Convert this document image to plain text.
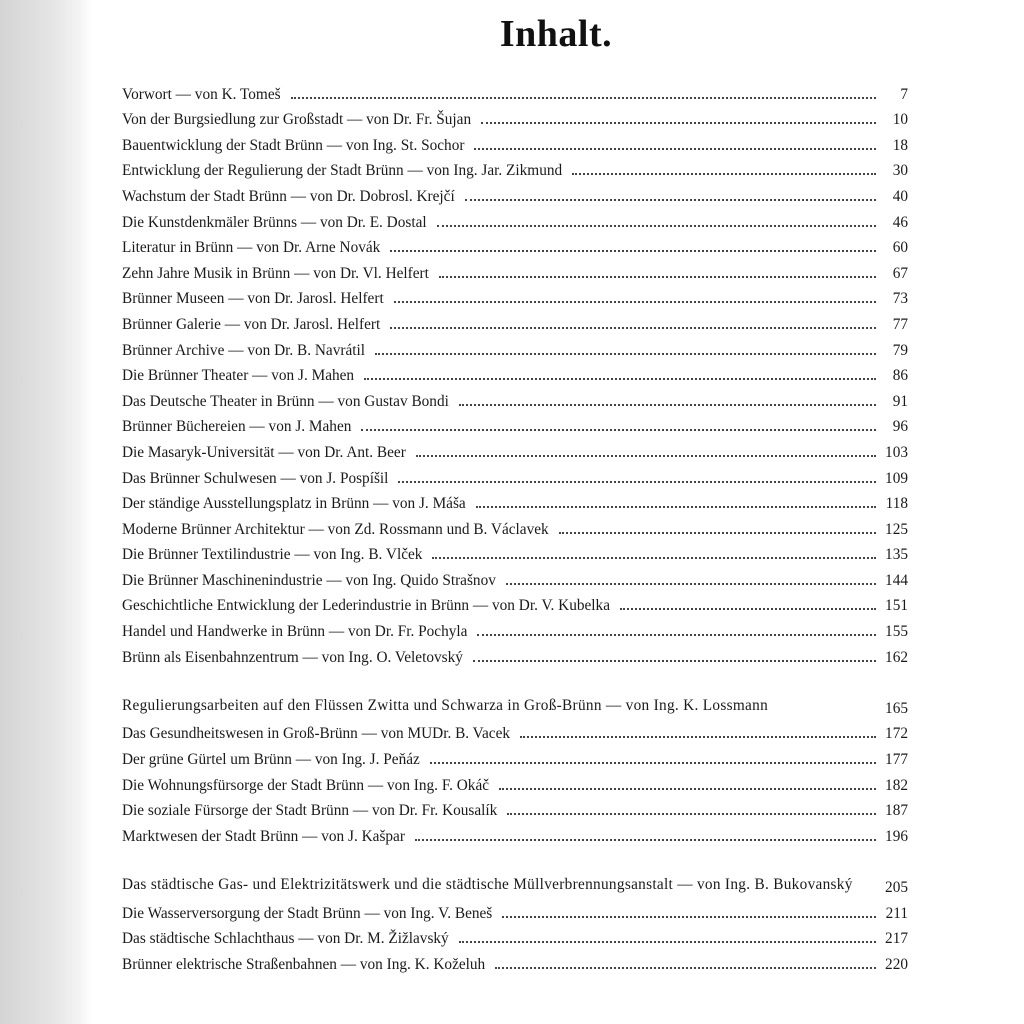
Inhalt.
Vorwort — von K. Tomeš	7
Von der Burgsiedlung zur Großstadt — von Dr. Fr. Šujan	10
Bauentwicklung der Stadt Brünn — von Ing. St. Sochor	18
Entwicklung der Regulierung der Stadt Brünn — von Ing. Jar. Zikmund	30
Wachstum der Stadt Brünn — von Dr. Dobrosl. Krejčí	40
Die Kunstdenkmäler Brünns — von Dr. E. Dostal	46
Literatur in Brünn — von Dr. Arne Novák	60
Zehn Jahre Musik in Brünn — von Dr. Vl. Helfert	67
Brünner Museen — von Dr. Jarosl. Helfert	73
Brünner Galerie — von Dr. Jarosl. Helfert	77
Brünner Archive — von Dr. B. Navrátil	79
Die Brünner Theater — von J. Mahen	86
Das Deutsche Theater in Brünn — von Gustav Bondi	91
Brünner Büchereien — von J. Mahen	96
Die Masaryk-Universität — von Dr. Ant. Beer	103
Das Brünner Schulwesen — von J. Pospíšil	109
Der ständige Ausstellungsplatz in Brünn — von J. Máša	118
Moderne Brünner Architektur — von Zd. Rossmann und B. Václavek	125
Die Brünner Textilindustrie — von Ing. B. Vlček	135
Die Brünner Maschinenindustrie — von Ing. Quido Strašnov	144
Geschichtliche Entwicklung der Lederindustrie in Brünn — von Dr. V. Kubelka	151
Handel und Handwerke in Brünn — von Dr. Fr. Pochyla	155
Brünn als Eisenbahnzentrum — von Ing. O. Veletovský	162
Regulierungsarbeiten auf den Flüssen Zwitta und Schwarza in Groß-Brünn — von Ing. K. Lossmann	165
Das Gesundheitswesen in Groß-Brünn — von MUDr. B. Vacek	172
Der grüne Gürtel um Brünn — von Ing. J. Peňáz	177
Die Wohnungsfürsorge der Stadt Brünn — von Ing. F. Okáč	182
Die soziale Fürsorge der Stadt Brünn — von Dr. Fr. Kousalík	187
Marktwesen der Stadt Brünn — von J. Kašpar	196
Das städtische Gas- und Elektrizitätswerk und die städtische Müllverbrennungsanstalt — von Ing. B. Bukovanský	205
Die Wasserversorgung der Stadt Brünn — von Ing. V. Beneš	211
Das städtische Schlachthaus — von Dr. M. Žižlavský	217
Brünner elektrische Straßenbahnen — von Ing. K. Koželuh	220
